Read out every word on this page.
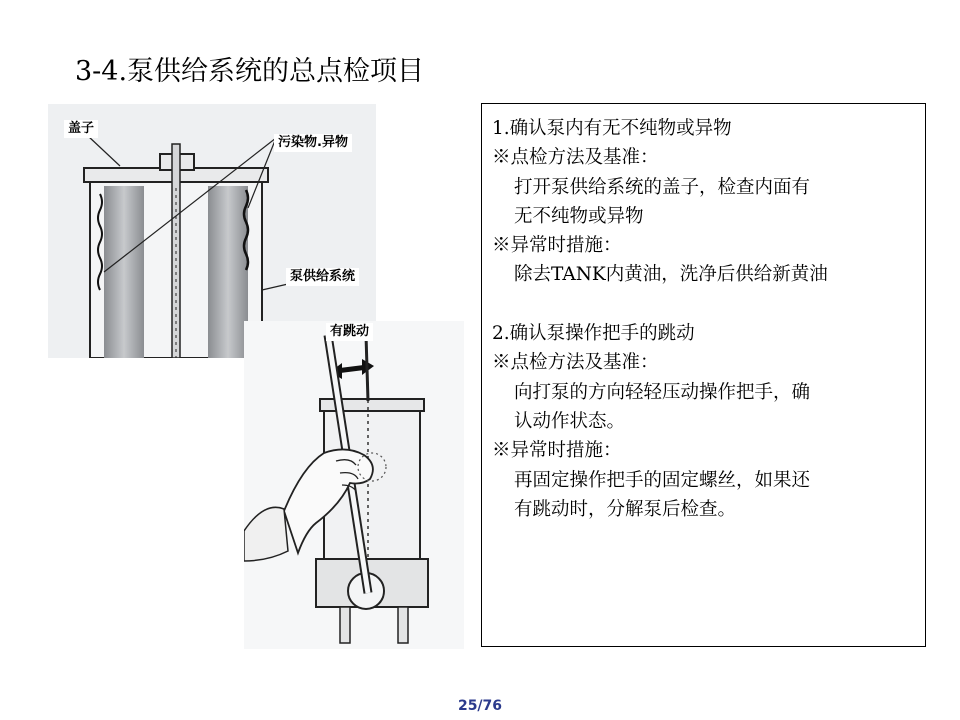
3-4.泵供给系统的总点检项目
盖子
污染物.异物
泵供给系统
有跳动
1.确认泵内有无不纯物或异物
※点检方法及基准：
打开泵供给系统的盖子，检查内面有
无不纯物或异物
※异常时措施：
除去TANK内黄油，洗净后供给新黄油
2.确认泵操作把手的跳动
※点检方法及基准：
向打泵的方向轻轻压动操作把手，确
认动作状态。
※异常时措施：
再固定操作把手的固定螺丝，如果还
有跳动时，分解泵后检查。
25/76
